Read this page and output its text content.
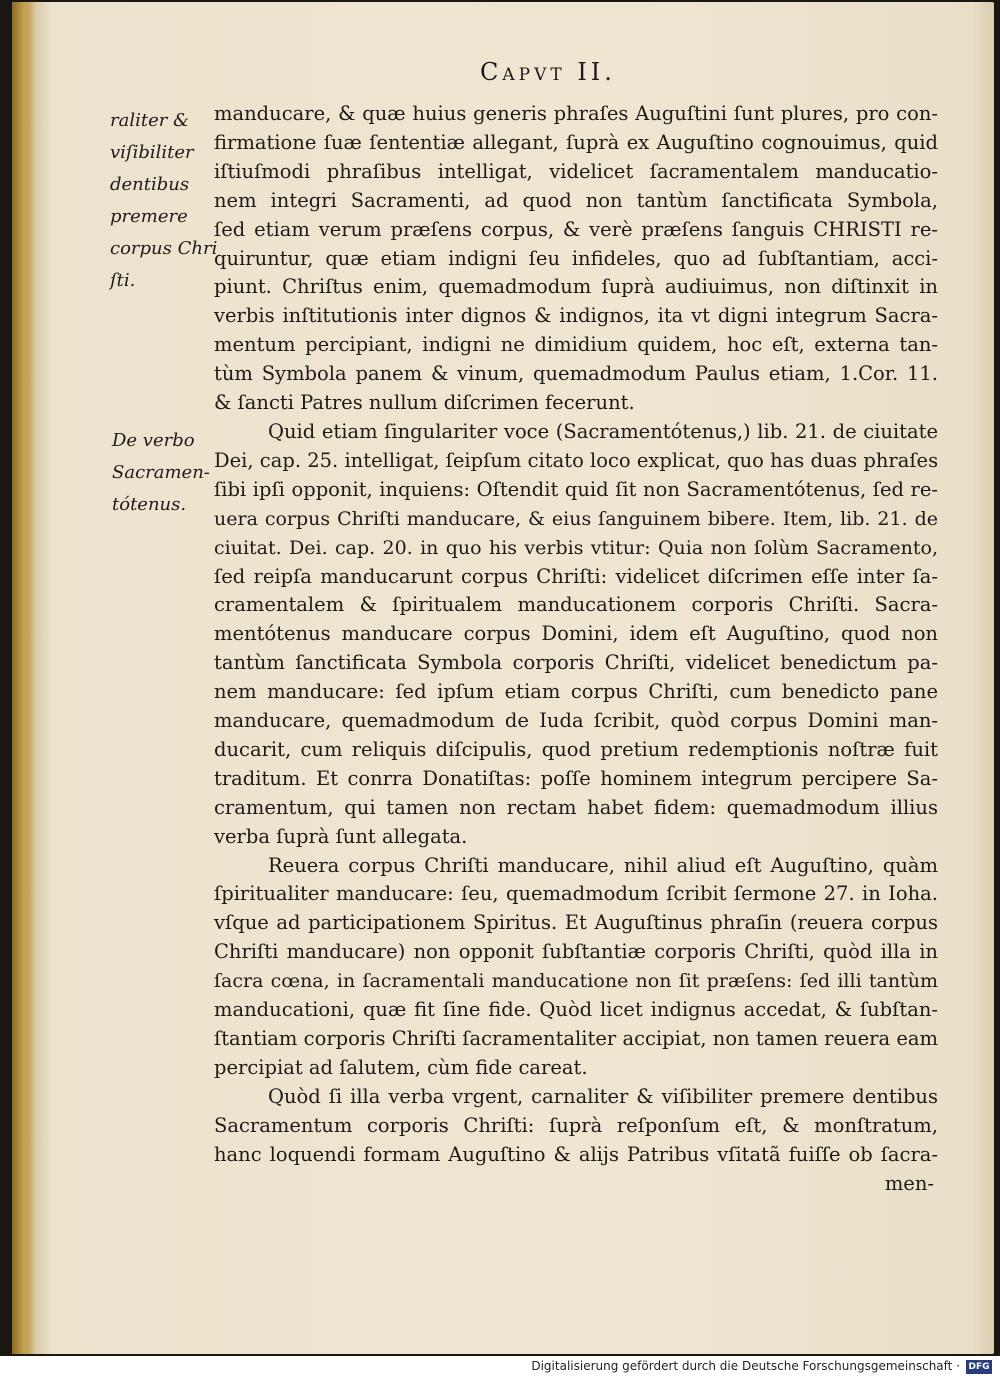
Capvt II.
raliter &
viſibiliter
dentibus
premere
corpus Chri
ſti.
De verbo
Sacramen-
tótenus.
manducare, & quæ huius generis phraſes Auguſtini ſunt plures, pro con-
firmatione ſuæ ſententiæ allegant, ſuprà ex Auguſtino cognouimus, quid
iſtiuſmodi phraſibus intelligat, videlicet ſacramentalem manducatio-
nem integri Sacramenti, ad quod non tantùm ſanctificata Symbola,
ſed etiam verum præſens corpus, & verè præſens ſanguis CHRISTI re-
quiruntur, quæ etiam indigni ſeu infideles, quo ad ſubſtantiam, acci-
piunt. Chriſtus enim, quemadmodum ſuprà audiuimus, non diſtinxit in
verbis inſtitutionis inter dignos & indignos, ita vt digni integrum Sacra-
mentum percipiant, indigni ne dimidium quidem, hoc eſt, externa tan-
tùm Symbola panem & vinum, quemadmodum Paulus etiam, 1.Cor. 11.
& ſancti Patres nullum diſcrimen fecerunt.
Quid etiam ſingulariter voce (Sacramentótenus,) lib. 21. de ciuitate
Dei, cap. 25. intelligat, ſeipſum citato loco explicat, quo has duas phraſes
ſibi ipſi opponit, inquiens: Oſtendit quid ſit non Sacramentótenus, ſed re-
uera corpus Chriſti manducare, & eius ſanguinem bibere. Item, lib. 21. de
ciuitat. Dei. cap. 20. in quo his verbis vtitur: Quia non ſolùm Sacramento,
ſed reipſa manducarunt corpus Chriſti: videlicet diſcrimen eſſe inter ſa-
cramentalem & ſpiritualem manducationem corporis Chriſti. Sacra-
mentótenus manducare corpus Domini, idem eſt Auguſtino, quod non
tantùm ſanctificata Symbola corporis Chriſti, videlicet benedictum pa-
nem manducare: ſed ipſum etiam corpus Chriſti, cum benedicto pane
manducare, quemadmodum de Iuda ſcribit, quòd corpus Domini man-
ducarit, cum reliquis diſcipulis, quod pretium redemptionis noſtræ fuit
traditum. Et conrra Donatiſtas: poſſe hominem integrum percipere Sa-
cramentum, qui tamen non rectam habet fidem: quemadmodum illius
verba ſuprà ſunt allegata.
Reuera corpus Chriſti manducare, nihil aliud eſt Auguſtino, quàm
ſpiritualiter manducare: ſeu, quemadmodum ſcribit ſermone 27. in Ioha.
vſque ad participationem Spiritus. Et Auguſtinus phraſin (reuera corpus
Chriſti manducare) non opponit ſubſtantiæ corporis Chriſti, quòd illa in
ſacra cœna, in ſacramentali manducatione non ſit præſens: ſed illi tantùm
manducationi, quæ fit ſine fide. Quòd licet indignus accedat, & ſubſtan-
ſtantiam corporis Chriſti ſacramentaliter accipiat, non tamen reuera eam
percipiat ad ſalutem, cùm fide careat.
Quòd ſi illa verba vrgent, carnaliter & viſibiliter premere dentibus
Sacramentum corporis Chriſti: ſuprà reſponſum eſt, & monſtratum,
hanc loquendi formam Auguſtino & alijs Patribus vſitatã fuiſſe ob ſacra-
men-
Digitalisierung gefördert durch die Deutsche Forschungsgemeinschaft · DFG
